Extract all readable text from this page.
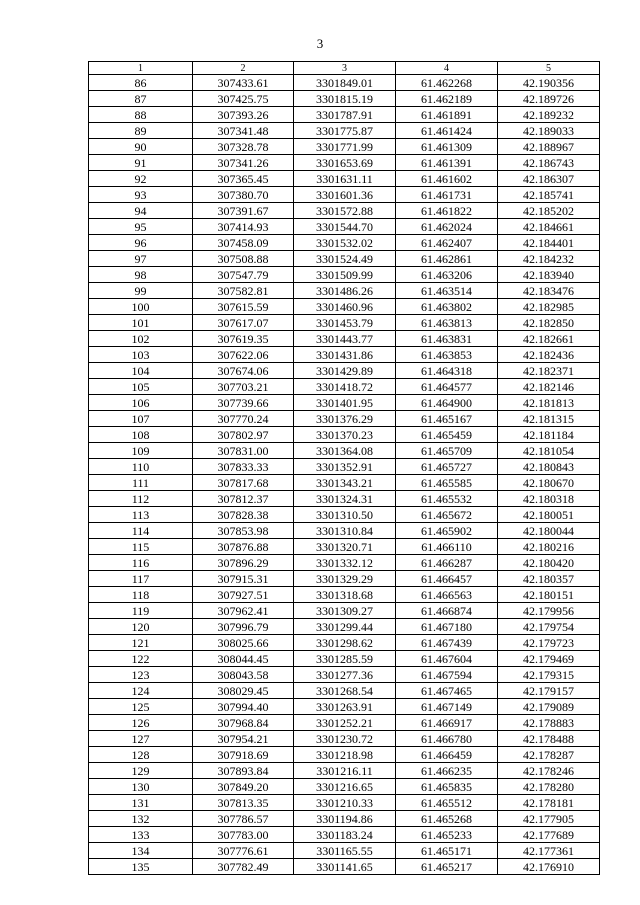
3
1	2	3	4	5
86	307433.61	3301849.01	61.462268	42.190356
87	307425.75	3301815.19	61.462189	42.189726
88	307393.26	3301787.91	61.461891	42.189232
89	307341.48	3301775.87	61.461424	42.189033
90	307328.78	3301771.99	61.461309	42.188967
91	307341.26	3301653.69	61.461391	42.186743
92	307365.45	3301631.11	61.461602	42.186307
93	307380.70	3301601.36	61.461731	42.185741
94	307391.67	3301572.88	61.461822	42.185202
95	307414.93	3301544.70	61.462024	42.184661
96	307458.09	3301532.02	61.462407	42.184401
97	307508.88	3301524.49	61.462861	42.184232
98	307547.79	3301509.99	61.463206	42.183940
99	307582.81	3301486.26	61.463514	42.183476
100	307615.59	3301460.96	61.463802	42.182985
101	307617.07	3301453.79	61.463813	42.182850
102	307619.35	3301443.77	61.463831	42.182661
103	307622.06	3301431.86	61.463853	42.182436
104	307674.06	3301429.89	61.464318	42.182371
105	307703.21	3301418.72	61.464577	42.182146
106	307739.66	3301401.95	61.464900	42.181813
107	307770.24	3301376.29	61.465167	42.181315
108	307802.97	3301370.23	61.465459	42.181184
109	307831.00	3301364.08	61.465709	42.181054
110	307833.33	3301352.91	61.465727	42.180843
111	307817.68	3301343.21	61.465585	42.180670
112	307812.37	3301324.31	61.465532	42.180318
113	307828.38	3301310.50	61.465672	42.180051
114	307853.98	3301310.84	61.465902	42.180044
115	307876.88	3301320.71	61.466110	42.180216
116	307896.29	3301332.12	61.466287	42.180420
117	307915.31	3301329.29	61.466457	42.180357
118	307927.51	3301318.68	61.466563	42.180151
119	307962.41	3301309.27	61.466874	42.179956
120	307996.79	3301299.44	61.467180	42.179754
121	308025.66	3301298.62	61.467439	42.179723
122	308044.45	3301285.59	61.467604	42.179469
123	308043.58	3301277.36	61.467594	42.179315
124	308029.45	3301268.54	61.467465	42.179157
125	307994.40	3301263.91	61.467149	42.179089
126	307968.84	3301252.21	61.466917	42.178883
127	307954.21	3301230.72	61.466780	42.178488
128	307918.69	3301218.98	61.466459	42.178287
129	307893.84	3301216.11	61.466235	42.178246
130	307849.20	3301216.65	61.465835	42.178280
131	307813.35	3301210.33	61.465512	42.178181
132	307786.57	3301194.86	61.465268	42.177905
133	307783.00	3301183.24	61.465233	42.177689
134	307776.61	3301165.55	61.465171	42.177361
135	307782.49	3301141.65	61.465217	42.176910
